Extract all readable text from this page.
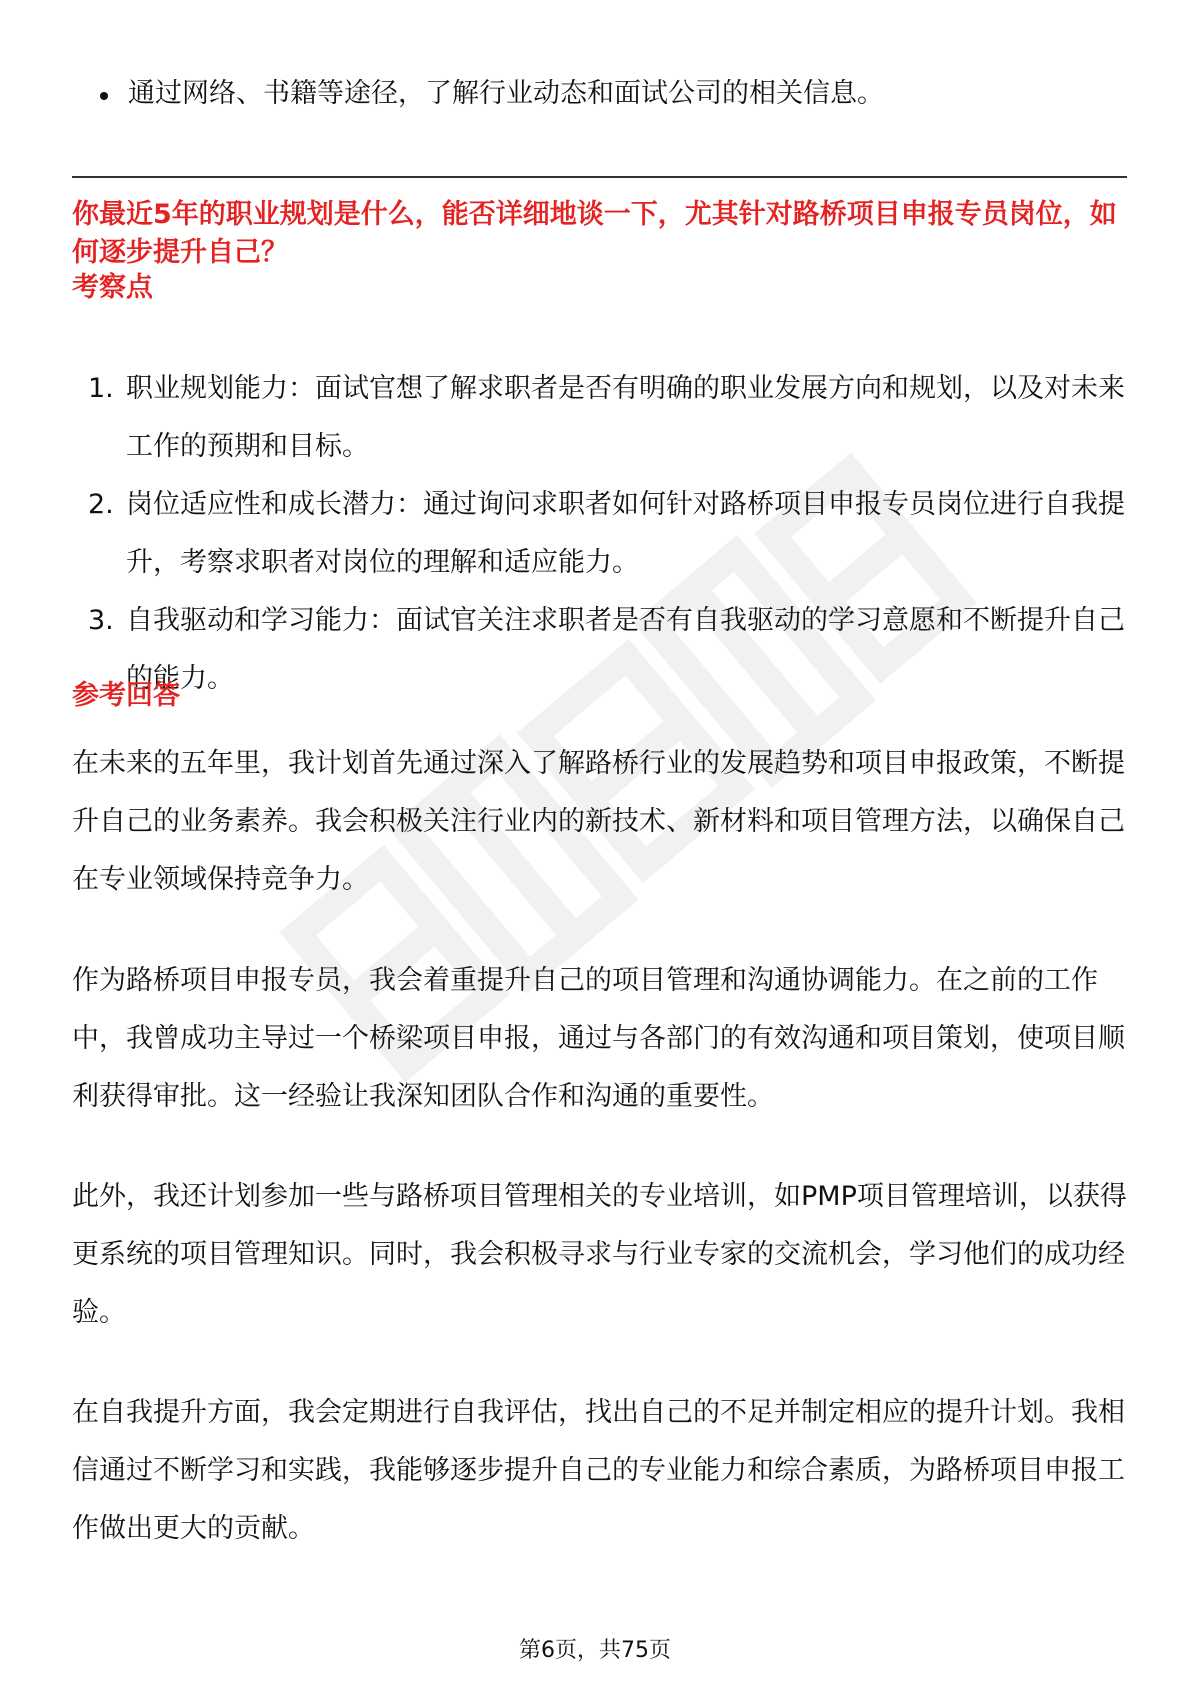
通过网络、书籍等途径，了解行业动态和面试公司的相关信息。

你最近5年的职业规划是什么，能否详细地谈一下，尤其针对路桥项目申报专员岗位，如何逐步提升自己？

考察点

1. 职业规划能力：面试官想了解求职者是否有明确的职业发展方向和规划，以及对未来工作的预期和目标。
2. 岗位适应性和成长潜力：通过询问求职者如何针对路桥项目申报专员岗位进行自我提升，考察求职者对岗位的理解和适应能力。
3. 自我驱动和学习能力：面试官关注求职者是否有自我驱动的学习意愿和不断提升自己的能力。

参考回答

在未来的五年里，我计划首先通过深入了解路桥行业的发展趋势和项目申报政策，不断提升自己的业务素养。我会积极关注行业内的新技术、新材料和项目管理方法，以确保自己在专业领域保持竞争力。

作为路桥项目申报专员，我会着重提升自己的项目管理和沟通协调能力。在之前的工作中，我曾成功主导过一个桥梁项目申报，通过与各部门的有效沟通和项目策划，使项目顺利获得审批。这一经验让我深知团队合作和沟通的重要性。

此外，我还计划参加一些与路桥项目管理相关的专业培训，如PMP项目管理培训，以获得更系统的项目管理知识。同时，我会积极寻求与行业专家的交流机会，学习他们的成功经验。

在自我提升方面，我会定期进行自我评估，找出自己的不足并制定相应的提升计划。我相信通过不断学习和实践，我能够逐步提升自己的专业能力和综合素质，为路桥项目申报工作做出更大的贡献。

第6页，共75页
